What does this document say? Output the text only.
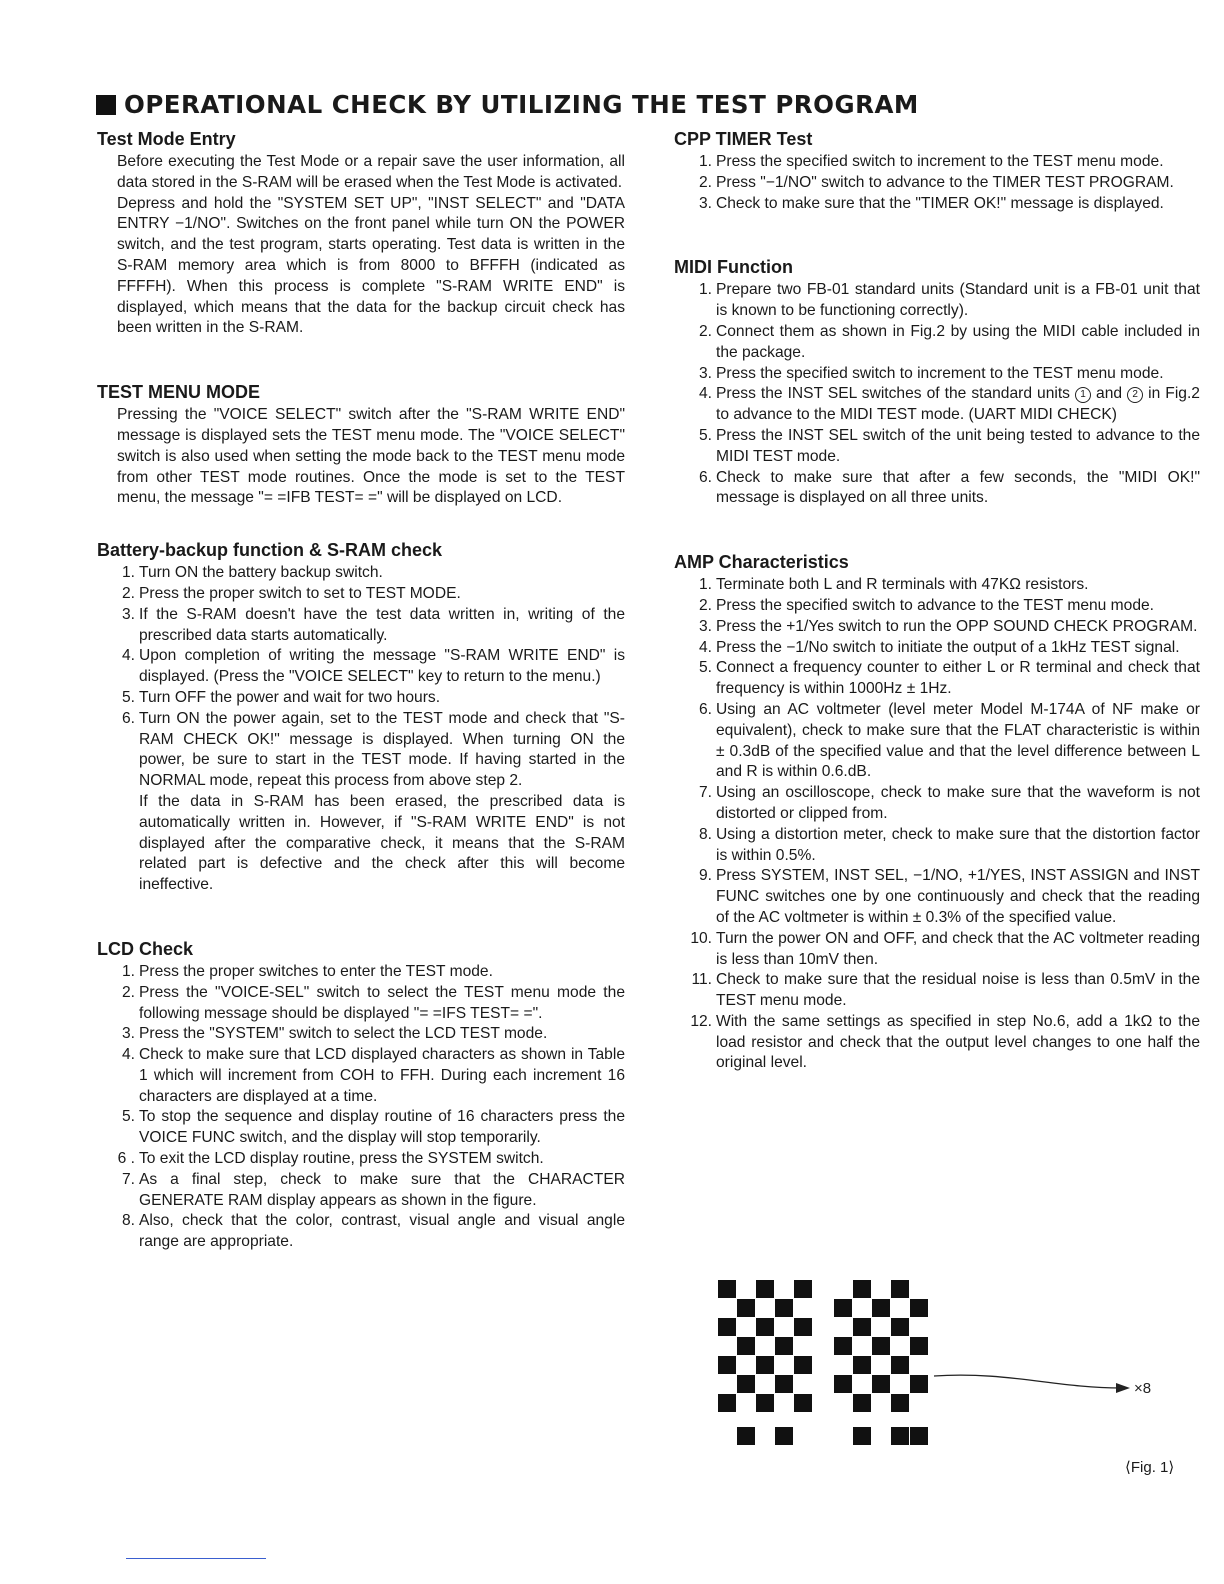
OPERATIONAL CHECK BY UTILIZING THE TEST PROGRAM
Test Mode Entry

Before executing the Test Mode or a repair save the user information, all data stored in the S-RAM will be erased when the Test Mode is activated.

Depress and hold the "SYSTEM SET UP", "INST SELECT" and "DATA ENTRY −1/NO". Switches on the front panel while turn ON the POWER switch, and the test program, starts operating. Test data is written in the S-RAM memory area which is from 8000 to BFFFH (indicated as FFFFH). When this process is complete "S-RAM WRITE END" is displayed, which means that the data for the backup circuit check has been written in the S-RAM.

TEST MENU MODE

Pressing the "VOICE SELECT" switch after the "S-RAM WRITE END" message is displayed sets the TEST menu mode. The "VOICE SELECT" switch is also used when setting the mode back to the TEST menu mode from other TEST mode routines. Once the mode is set to the TEST menu, the message "= =IFB TEST= =" will be displayed on LCD.

Battery-backup function & S-RAM check
1. Turn ON the battery backup switch.
2. Press the proper switch to set to TEST MODE.
3. If the S-RAM doesn't have the test data written in, writing of the prescribed data starts automatically.
4. Upon completion of writing the message "S-RAM WRITE END" is displayed. (Press the "VOICE SELECT" key to return to the menu.)
5. Turn OFF the power and wait for two hours.
6. Turn ON the power again, set to the TEST mode and check that "S-RAM CHECK OK!" message is displayed. When turning ON the power, be sure to start in the TEST mode. If having started in the NORMAL mode, repeat this process from above step 2.
If the data in S-RAM has been erased, the prescribed data is automatically written in. However, if "S-RAM WRITE END" is not displayed after the comparative check, it means that the S-RAM related part is defective and the check after this will become ineffective.
LCD Check
1. Press the proper switches to enter the TEST mode.
2. Press the "VOICE-SEL" switch to select the TEST menu mode the following message should be displayed "= =IFS TEST= =".
3. Press the "SYSTEM" switch to select the LCD TEST mode.
4. Check to make sure that LCD displayed characters as shown in Table 1 which will increment from COH to FFH. During each increment 16 characters are displayed at a time.
5. To stop the sequence and display routine of 16 characters press the VOICE FUNC switch, and the display will stop temporarily.
6 . To exit the LCD display routine, press the SYSTEM switch.
7. As a final step, check to make sure that the CHARACTER GENERATE RAM display appears as shown in the figure.
8. Also, check that the color, contrast, visual angle and visual angle range are appropriate.
CPP TIMER Test
1. Press the specified switch to increment to the TEST menu mode.
2. Press "−1/NO" switch to advance to the TIMER TEST PROGRAM.
3. Check to make sure that the "TIMER OK!" message is displayed.
MIDI Function
1. Prepare two FB-01 standard units (Standard unit is a FB-01 unit that is known to be functioning correctly).
2. Connect them as shown in Fig.2 by using the MIDI cable included in the package.
3. Press the specified switch to increment to the TEST menu mode.
4. Press the INST SEL switches of the standard units 1 and 2 in Fig.2 to advance to the MIDI TEST mode. (UART MIDI CHECK)
5. Press the INST SEL switch of the unit being tested to advance to the MIDI TEST mode.
6. Check to make sure that after a few seconds, the "MIDI OK!" message is displayed on all three units.
AMP Characteristics
1. Terminate both L and R terminals with 47KΩ resistors.
2. Press the specified switch to advance to the TEST menu mode.
3. Press the +1/Yes switch to run the OPP SOUND CHECK PROGRAM.
4. Press the −1/No switch to initiate the output of a 1kHz TEST signal.
5. Connect a frequency counter to either L or R terminal and check that frequency is within 1000Hz ± 1Hz.
6. Using an AC voltmeter (level meter Model M-174A of NF make or equivalent), check to make sure that the FLAT characteristic is within ± 0.3dB of the specified value and that the level difference between L and R is within 0.6.dB.
7. Using an oscilloscope, check to make sure that the waveform is not distorted or clipped from.
8. Using a distortion meter, check to make sure that the distortion factor is within 0.5%.
9. Press SYSTEM, INST SEL, −1/NO, +1/YES, INST ASSIGN and INST FUNC switches one by one continuously and check that the reading of the AC voltmeter is within ± 0.3% of the specified value.
10. Turn the power ON and OFF, and check that the AC voltmeter reading is less than 10mV then.
11. Check to make sure that the residual noise is less than 0.5mV in the TEST menu mode.
12. With the same settings as specified in step No.6, add a 1kΩ to the load resistor and check that the output level changes to one half the original level.
×8
⟨Fig. 1⟩
